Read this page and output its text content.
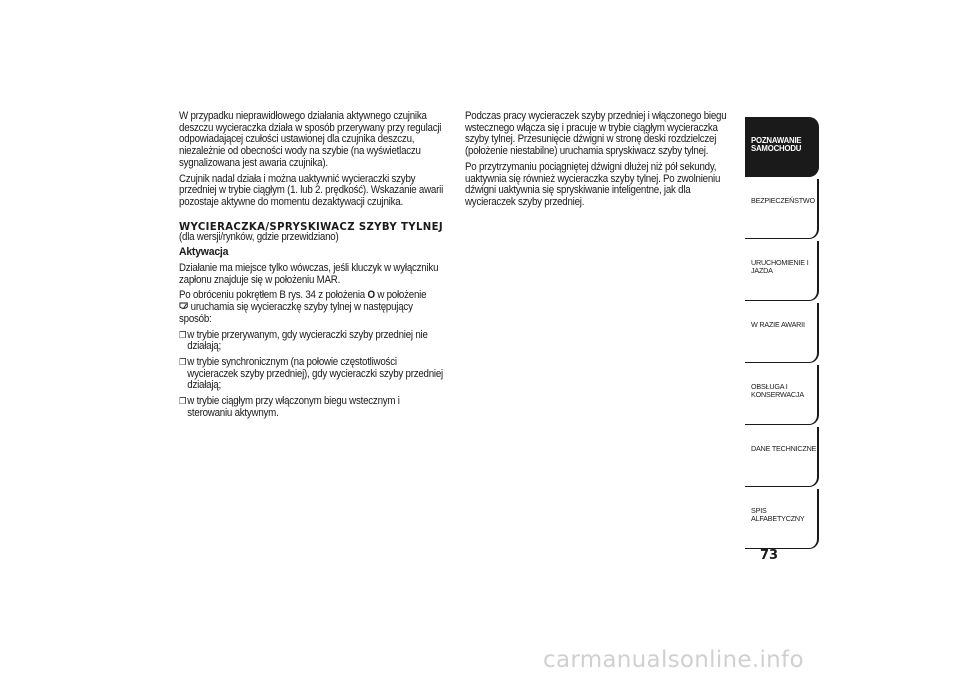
W przypadku nieprawidłowego działania aktywnego czujnika deszczu wycieraczka działa w sposób przerywany przy regulacji odpowiadającej czułości ustawionej dla czujnika deszczu, niezależnie od obecności wody na szybie (na wyświetlaczu sygnalizowana jest awaria czujnika).

Czujnik nadal działa i można uaktywnić wycieraczki szyby przedniej w trybie ciągłym (1. lub 2. prędkość). Wskazanie awarii pozostaje aktywne do momentu dezaktywacji czujnika.

WYCIERACZKA/SPRYSKIWACZ SZYBY TYLNEJ

(dla wersji/rynków, gdzie przewidziano)

Aktywacja

Działanie ma miejsce tylko wówczas, jeśli kluczyk w wyłączniku zapłonu znajduje się w położeniu MAR.

Po obróceniu pokrętłem B rys. 34 z położenia O w położenie
uruchamia się wycieraczkę szyby tylnej w następujący sposób:

❒ w trybie przerywanym, gdy wycieraczki szyby przedniej nie działają;
❒ w trybie synchronicznym (na połowie częstotliwości wycieraczek szyby przedniej), gdy wycieraczki szyby przedniej działają;
❒ w trybie ciągłym przy włączonym biegu wstecznym i sterowaniu aktywnym.

Podczas pracy wycieraczek szyby przedniej i włączonego biegu wstecznego włącza się i pracuje w trybie ciągłym wycieraczka szyby tylnej. Przesunięcie dźwigni w stronę deski rozdzielczej (położenie niestabilne) uruchamia spryskiwacz szyby tylnej.

Po przytrzymaniu pociągniętej dźwigni dłużej niż pół sekundy, uaktywnia się również wycieraczka szyby tylnej. Po zwolnieniu dźwigni uaktywnia się spryskiwanie inteligentne, jak dla wycieraczek szyby przedniej.

POZNAWANIE SAMOCHODU
BEZPIECZEŃSTWO
URUCHOMIENIE I JAZDA
W RAZIE AWARII
OBSŁUGA I KONSERWACJA
DANE TECHNICZNE
SPIS ALFABETYCZNY
73
carmanualsonline.info
